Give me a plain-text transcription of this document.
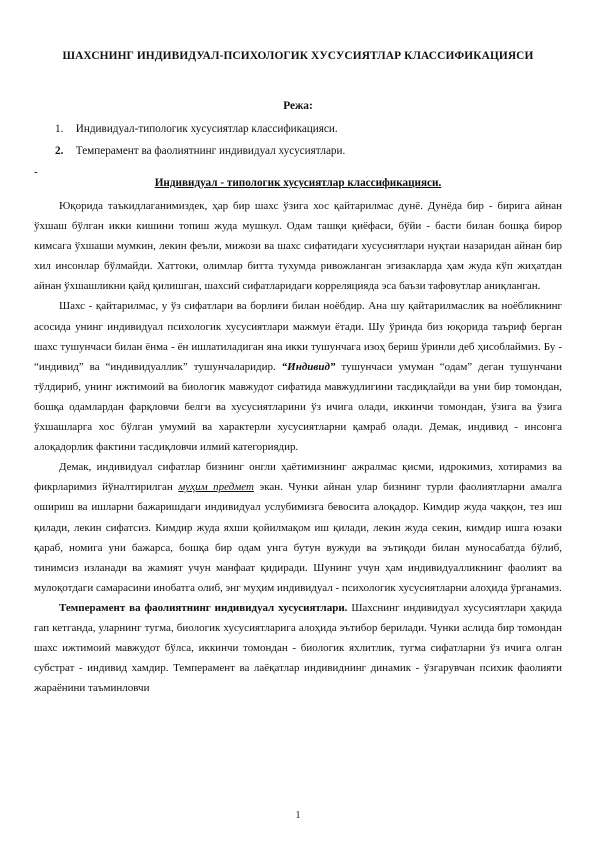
ШАХСНИНГ ИНДИВИДУАЛ-ПСИХОЛОГИК ХУСУСИЯТЛАР КЛАССИФИКАЦИЯСИ
Режа:
1. Индивидуал-типологик хусусиятлар классификацияси.
2. Темперамент ва фаолиятнинг индивидуал хусусиятлари.
-
Индивидуал - типологик хусусиятлар классификацияси.

Юқорида таъкидлаганимиздек, ҳар бир шахс ўзига хос қайтарилмас дунё. Дунёда бир - бирига айнан ўхшаш бўлган икки кишини топиш жуда мушкул. Одам ташқи қиёфаси, бўйи - басти билан бошқа бирор кимсага ўхшаши мумкин, лекин феъли, мижози ва шахс сифатидаги хусусиятлари нуқтаи назаридан айнан бир хил инсонлар бўлмайди. Хаттоки, олимлар битта тухумда ривожланган эгизакларда ҳам жуда кўп жиҳатдан айнан ўхшашликни қайд қилишган, шахсий сифатларидаги корреляцияда эса баъзи тафовутлар аниқланган.

Шахс - қайтарилмас, у ўз сифатлари ва борлиғи билан ноёбдир. Ана шу қайтарилмаслик ва ноёбликнинг асосида унинг индивидуал психологик хусусиятлари мажмуи ётади. Шу ўринда биз юқорида таъриф берган шахс тушунчаси билан ёнма - ён ишлатиладиган яна икки тушунчага изоҳ бериш ўринли деб ҳисоблаймиз. Бу - “индивид” ва “индивидуаллик” тушунчаларидир. “Индивид” тушунчаси умуман “одам” деган тушунчани тўлдириб, унинг ижтимоий ва биологик мавжудот сифатида мавжудлигини тасдиқлайди ва уни бир томондан, бошқа одамлардан фарқловчи белги ва хусусиятларини ўз ичига олади, иккинчи томондан, ўзига ва ўзига ўхшашларга хос бўлган умумий ва характерли хусусиятларни қамраб олади. Демак, индивид - инсонга алоқадорлик фактини тасдиқловчи илмий категориядир.

Демак, индивидуал сифатлар бизнинг онгли ҳаётимизнинг ажралмас қисми, идрокимиз, хотирамиз ва фикрларимиз йўналтирилган муҳим предмет экан. Чунки айнан улар бизнинг турли фаолиятларни амалга ошириш ва ишларни бажаришдаги индивидуал услубимизга бевосита алоқадор. Кимдир жуда чаққон, тез иш қилади, лекин сифатсиз. Кимдир жуда яхши қойилмақом иш қилади, лекин жуда секин, кимдир ишга юзаки қараб, номига уни бажарса, бошқа бир одам унга бутун вужуди ва эътиқоди билан муносабатда бўлиб, тинимсиз изланади ва жамият учун манфаат қидиради. Шунинг учун ҳам индивидуалликнинг фаолият ва мулоқотдаги самарасини инобатга олиб, энг муҳим индивидуал - психологик хусусиятларни алоҳида ўрганамиз.

Темперамент ва фаолиятнинг индивидуал хусусиятлари. Шахснинг индивидуал хусусиятлари ҳақида гап кетганда, уларнинг тугма, биологик хусусиятларига алоҳида эътибор берилади. Чунки аслида бир томондан шахс ижтимоий мавжудот бўлса, иккинчи томондан - биологик яхлитлик, тугма сифатларни ўз ичига олган субстрат - индивид хамдир. Темперамент ва лаёқатлар индивиднинг динамик - ўзгарувчан психик фаолияти жараёнини таъминловчи

1
